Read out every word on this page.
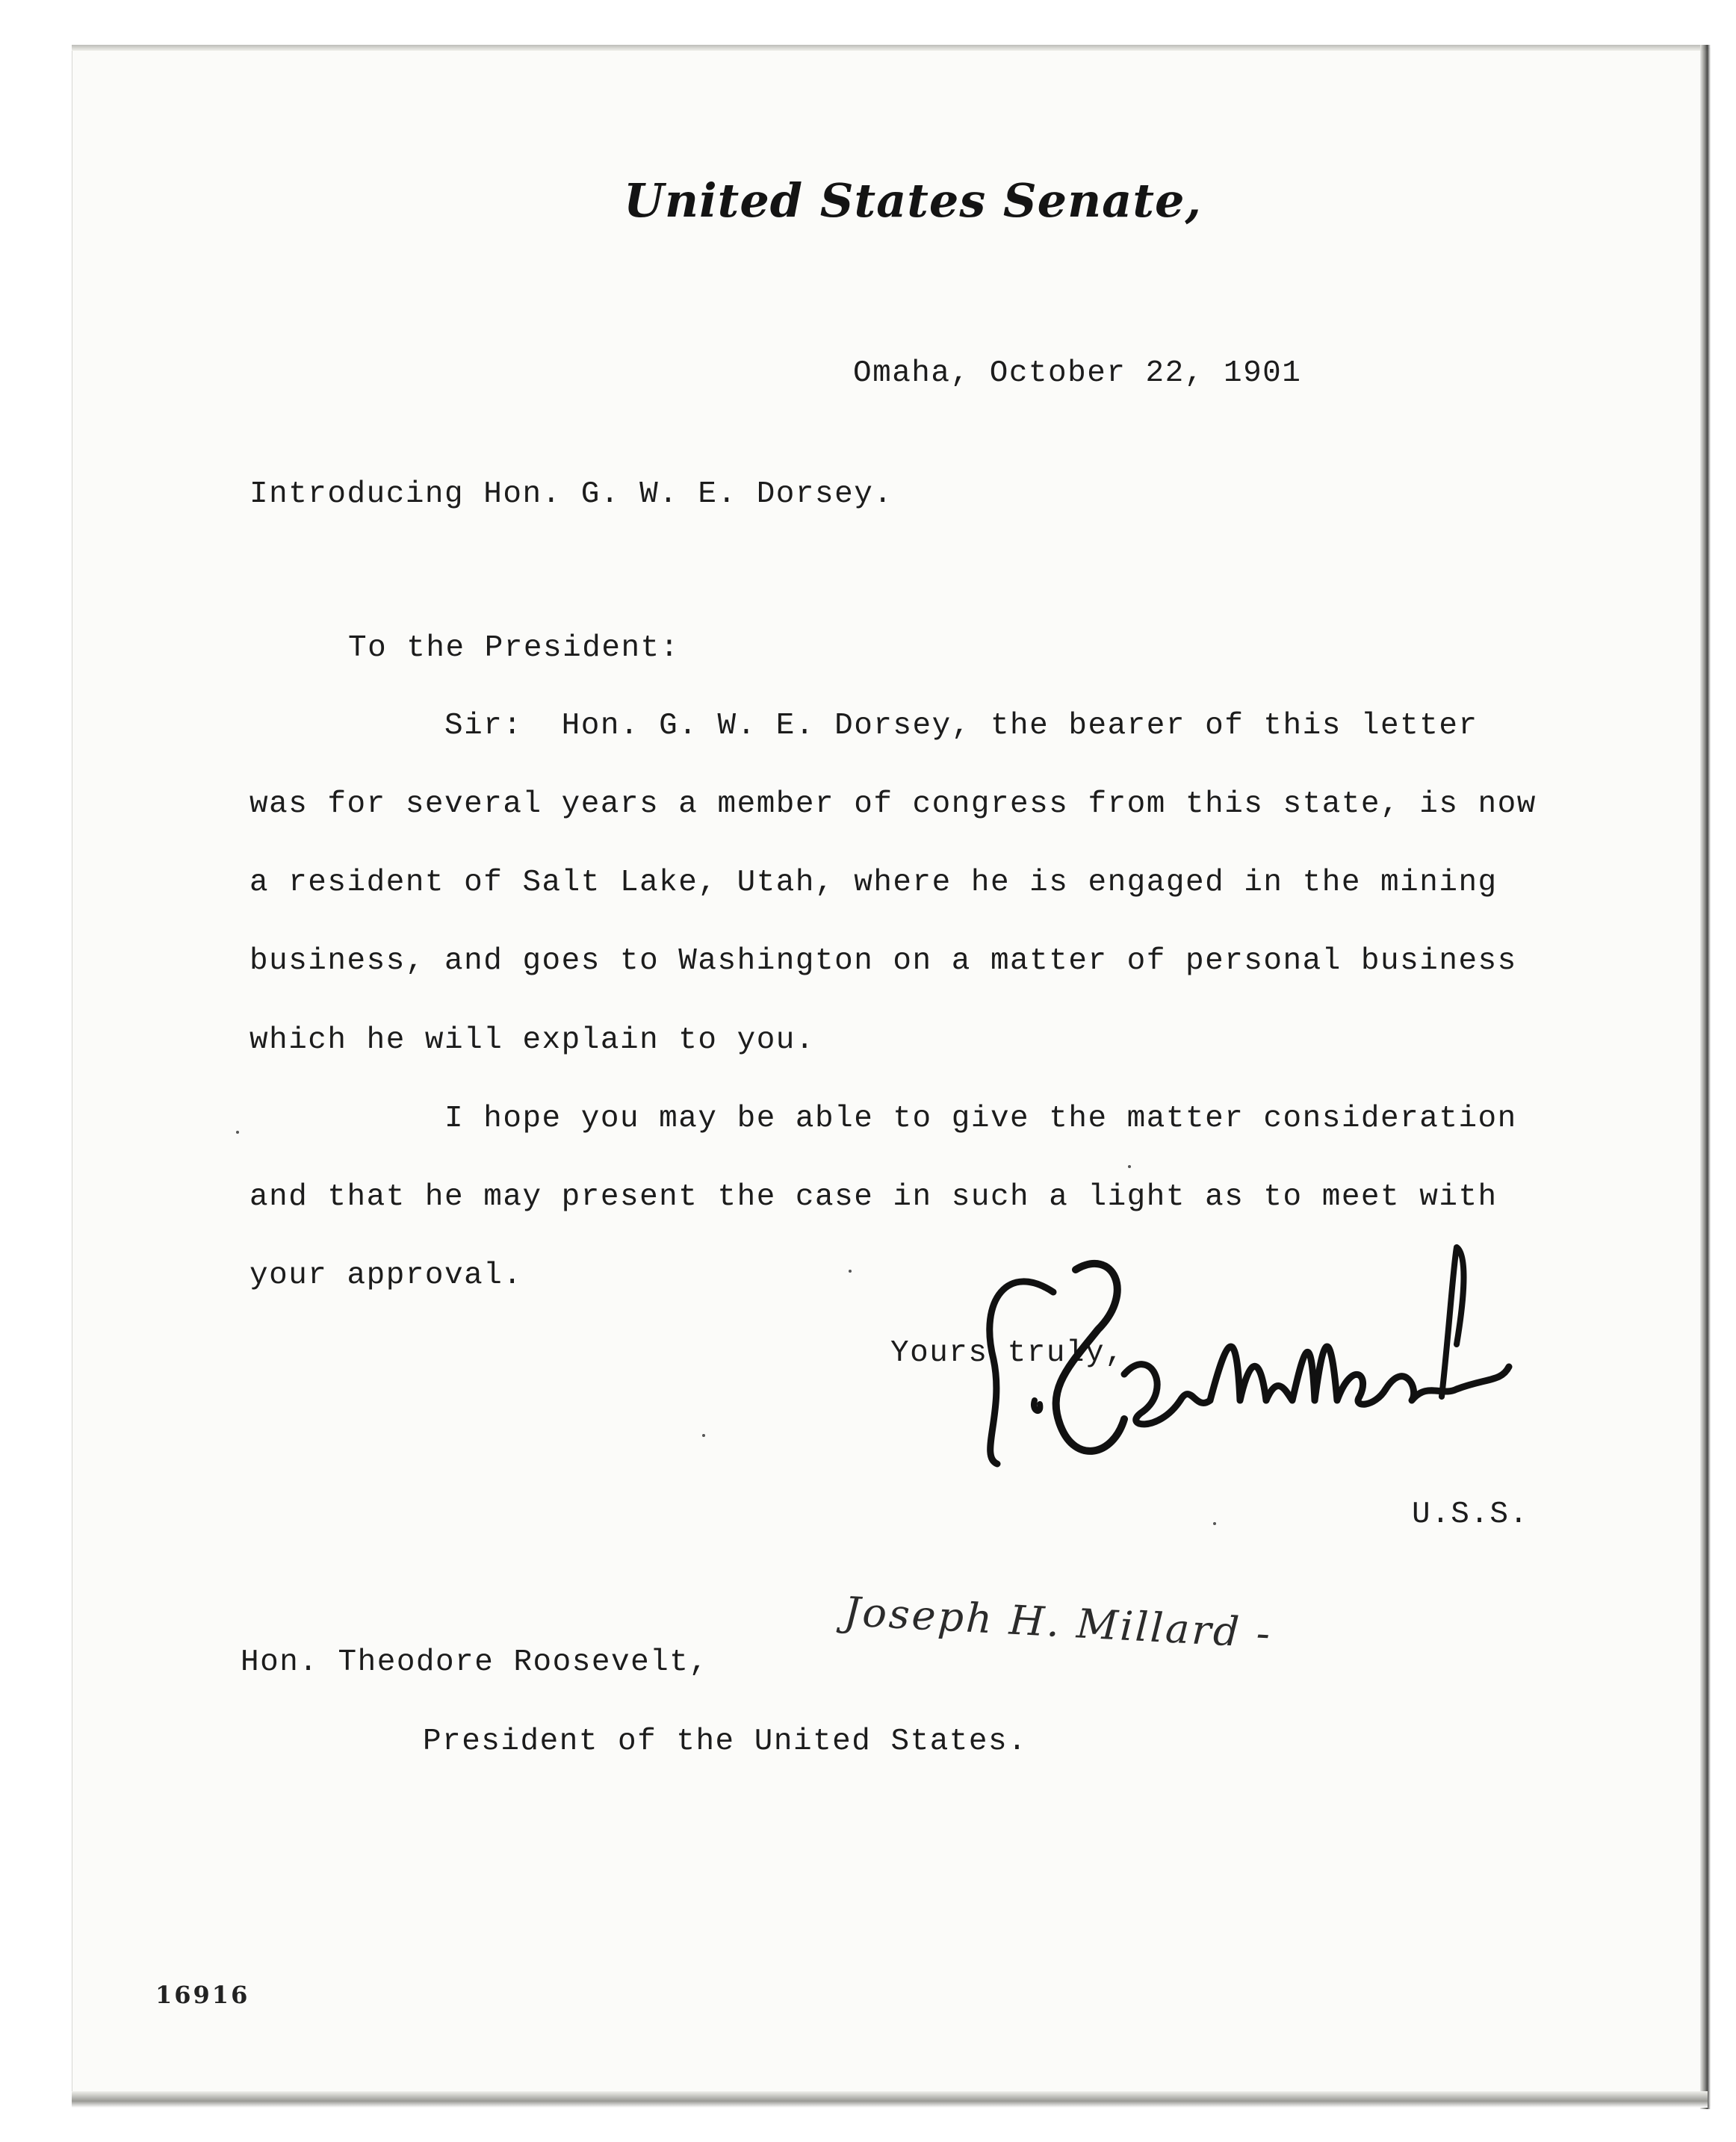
United States Senate,
Omaha, October 22, 1901
Introducing Hon. G. W. E. Dorsey.
To the President:
Sir:  Hon. G. W. E. Dorsey, the bearer of this letter
was for several years a member of congress from this state, is now
a resident of Salt Lake, Utah, where he is engaged in the mining
business, and goes to Washington on a matter of personal business
which he will explain to you.
I hope you may be able to give the matter consideration
and that he may present the case in such a light as to meet with
your approval.
Yours truly,
U.S.S.
Joseph H. Millard -
Hon. Theodore Roosevelt,
President of the United States.
16916
